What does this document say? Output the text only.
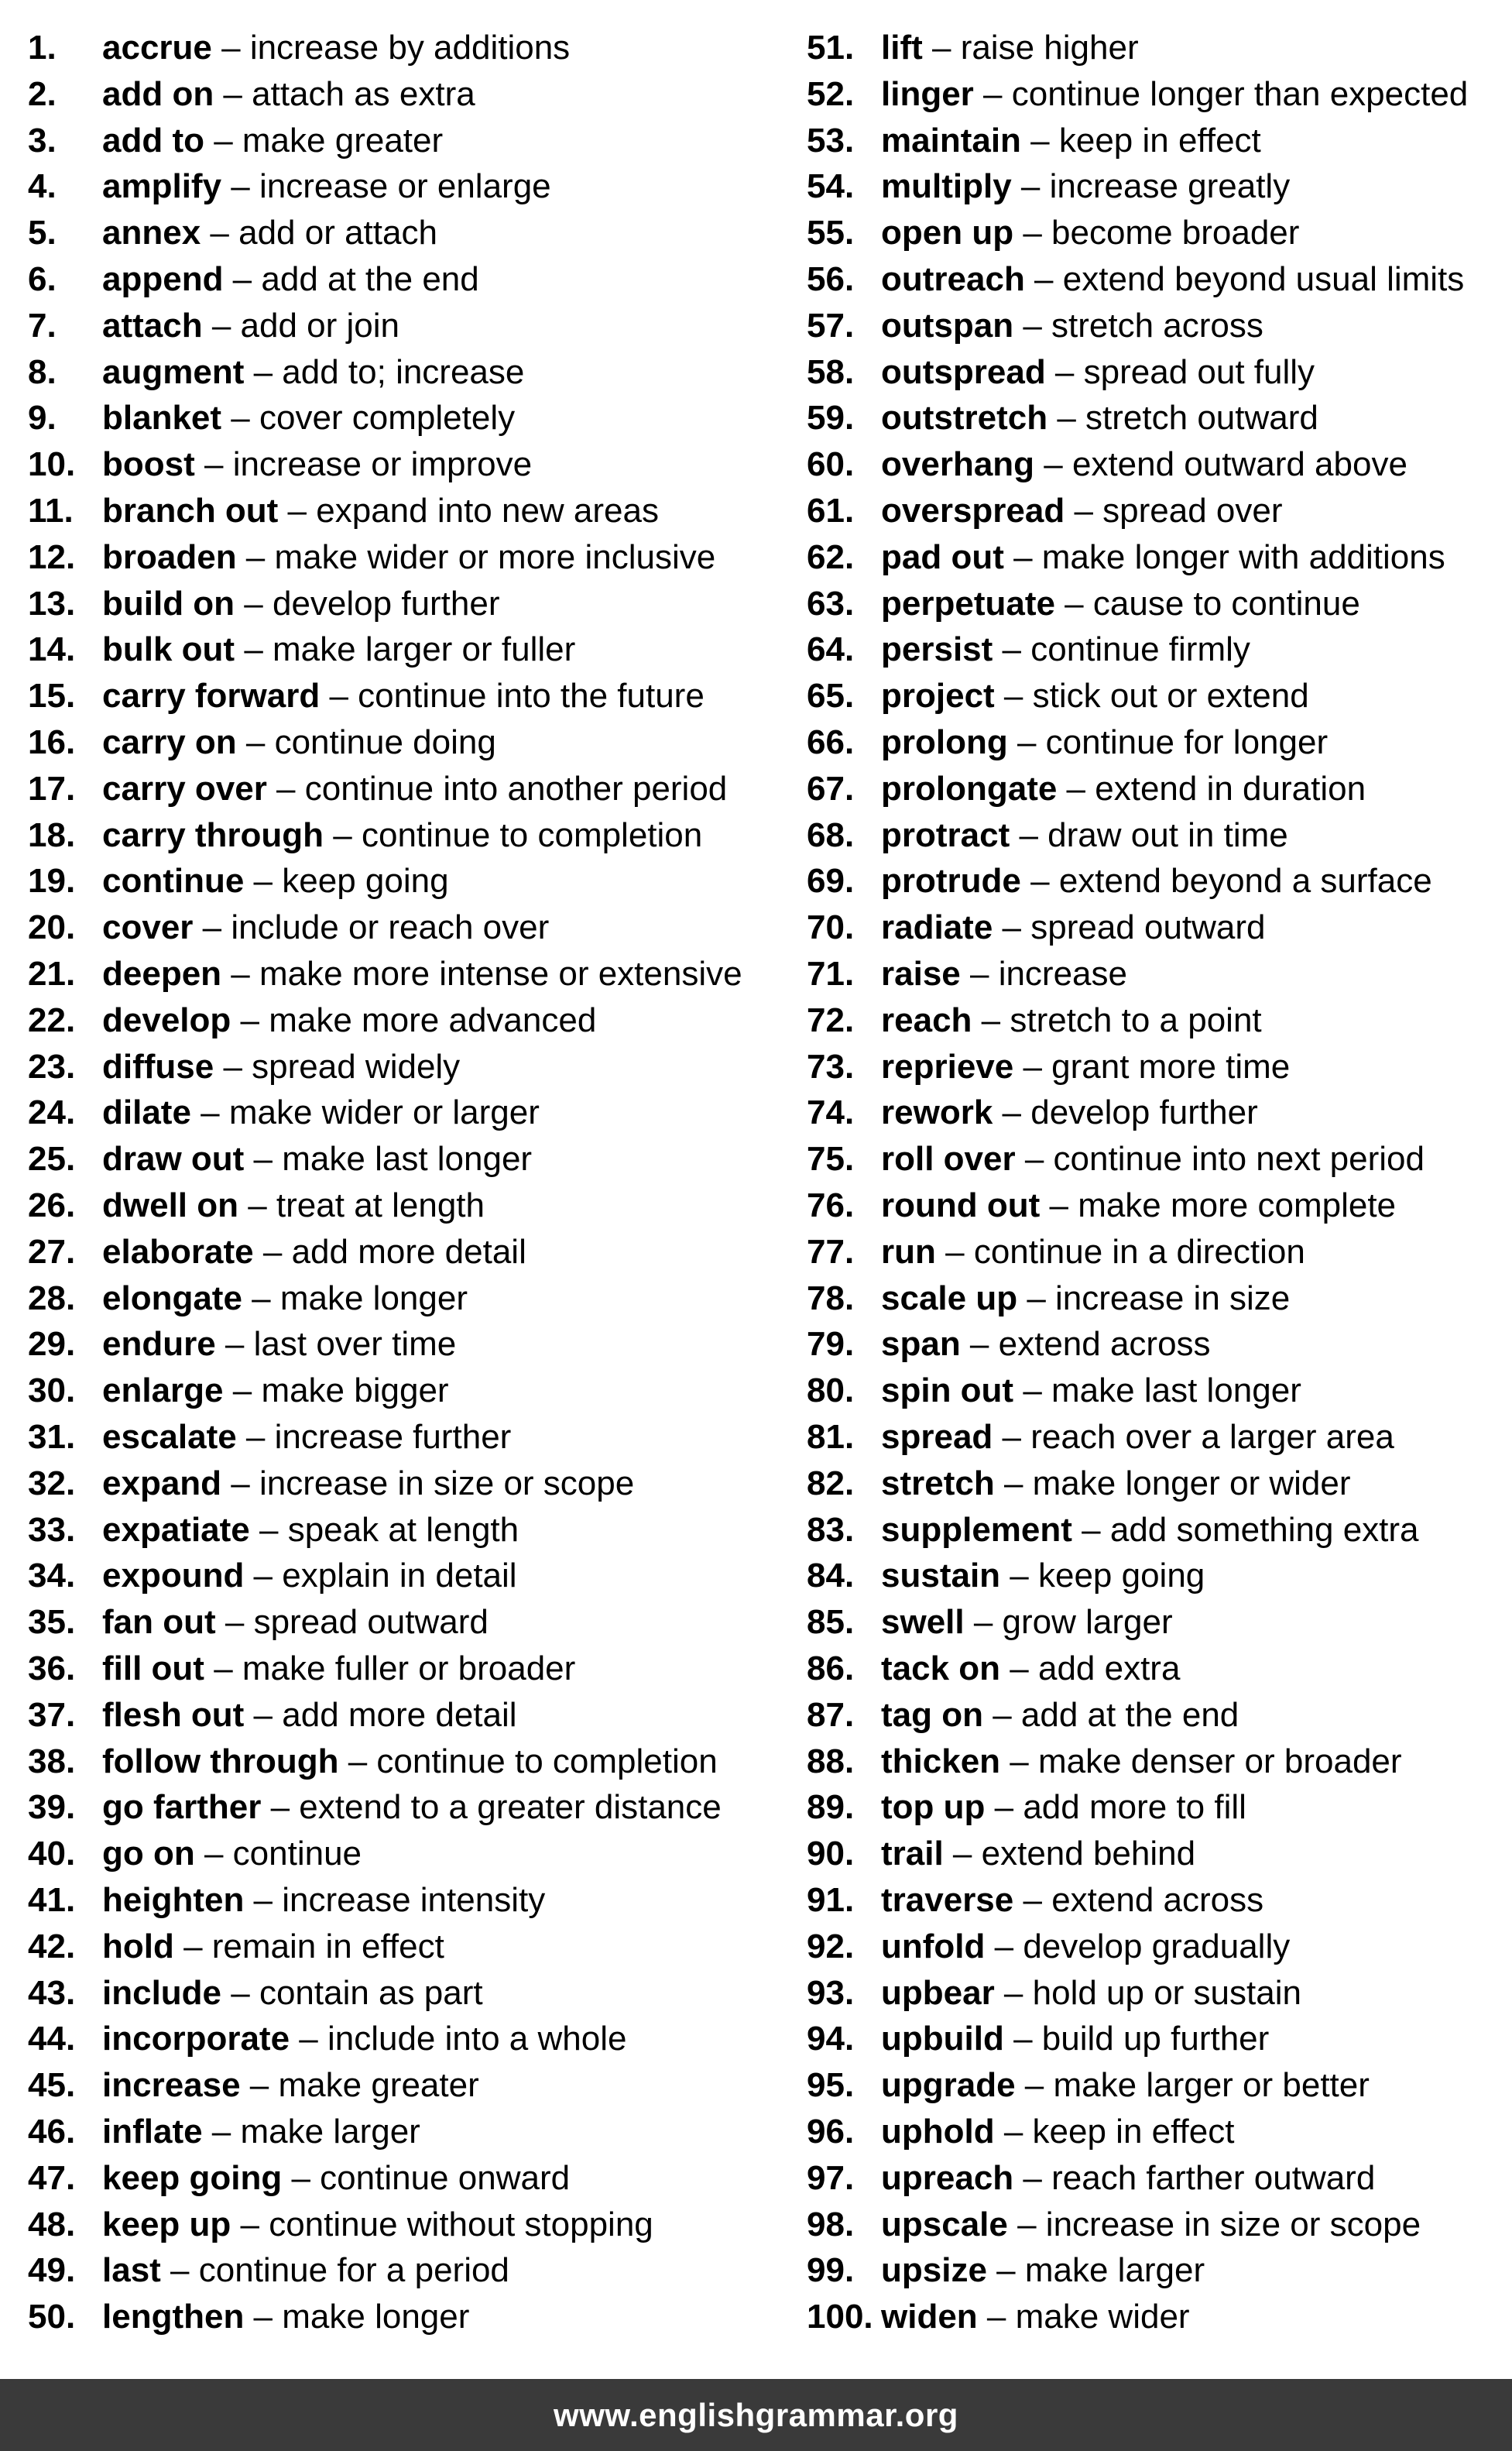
1. accrue – increase by additions
2. add on – attach as extra
3. add to – make greater
4. amplify – increase or enlarge
5. annex – add or attach
6. append – add at the end
7. attach – add or join
8. augment – add to; increase
9. blanket – cover completely
10. boost – increase or improve
11. branch out – expand into new areas
12. broaden – make wider or more inclusive
13. build on – develop further
14. bulk out – make larger or fuller
15. carry forward – continue into the future
16. carry on – continue doing
17. carry over – continue into another period
18. carry through – continue to completion
19. continue – keep going
20. cover – include or reach over
21. deepen – make more intense or extensive
22. develop – make more advanced
23. diffuse – spread widely
24. dilate – make wider or larger
25. draw out – make last longer
26. dwell on – treat at length
27. elaborate – add more detail
28. elongate – make longer
29. endure – last over time
30. enlarge – make bigger
31. escalate – increase further
32. expand – increase in size or scope
33. expatiate – speak at length
34. expound – explain in detail
35. fan out – spread outward
36. fill out – make fuller or broader
37. flesh out – add more detail
38. follow through – continue to completion
39. go farther – extend to a greater distance
40. go on – continue
41. heighten – increase intensity
42. hold – remain in effect
43. include – contain as part
44. incorporate – include into a whole
45. increase – make greater
46. inflate – make larger
47. keep going – continue onward
48. keep up – continue without stopping
49. last – continue for a period
50. lengthen – make longer
51. lift – raise higher
52. linger – continue longer than expected
53. maintain – keep in effect
54. multiply – increase greatly
55. open up – become broader
56. outreach – extend beyond usual limits
57. outspan – stretch across
58. outspread – spread out fully
59. outstretch – stretch outward
60. overhang – extend outward above
61. overspread – spread over
62. pad out – make longer with additions
63. perpetuate – cause to continue
64. persist – continue firmly
65. project – stick out or extend
66. prolong – continue for longer
67. prolongate – extend in duration
68. protract – draw out in time
69. protrude – extend beyond a surface
70. radiate – spread outward
71. raise – increase
72. reach – stretch to a point
73. reprieve – grant more time
74. rework – develop further
75. roll over – continue into next period
76. round out – make more complete
77. run – continue in a direction
78. scale up – increase in size
79. span – extend across
80. spin out – make last longer
81. spread – reach over a larger area
82. stretch – make longer or wider
83. supplement – add something extra
84. sustain – keep going
85. swell – grow larger
86. tack on – add extra
87. tag on – add at the end
88. thicken – make denser or broader
89. top up – add more to fill
90. trail – extend behind
91. traverse – extend across
92. unfold – develop gradually
93. upbear – hold up or sustain
94. upbuild – build up further
95. upgrade – make larger or better
96. uphold – keep in effect
97. upreach – reach farther outward
98. upscale – increase in size or scope
99. upsize – make larger
100. widen – make wider
www.englishgrammar.org
